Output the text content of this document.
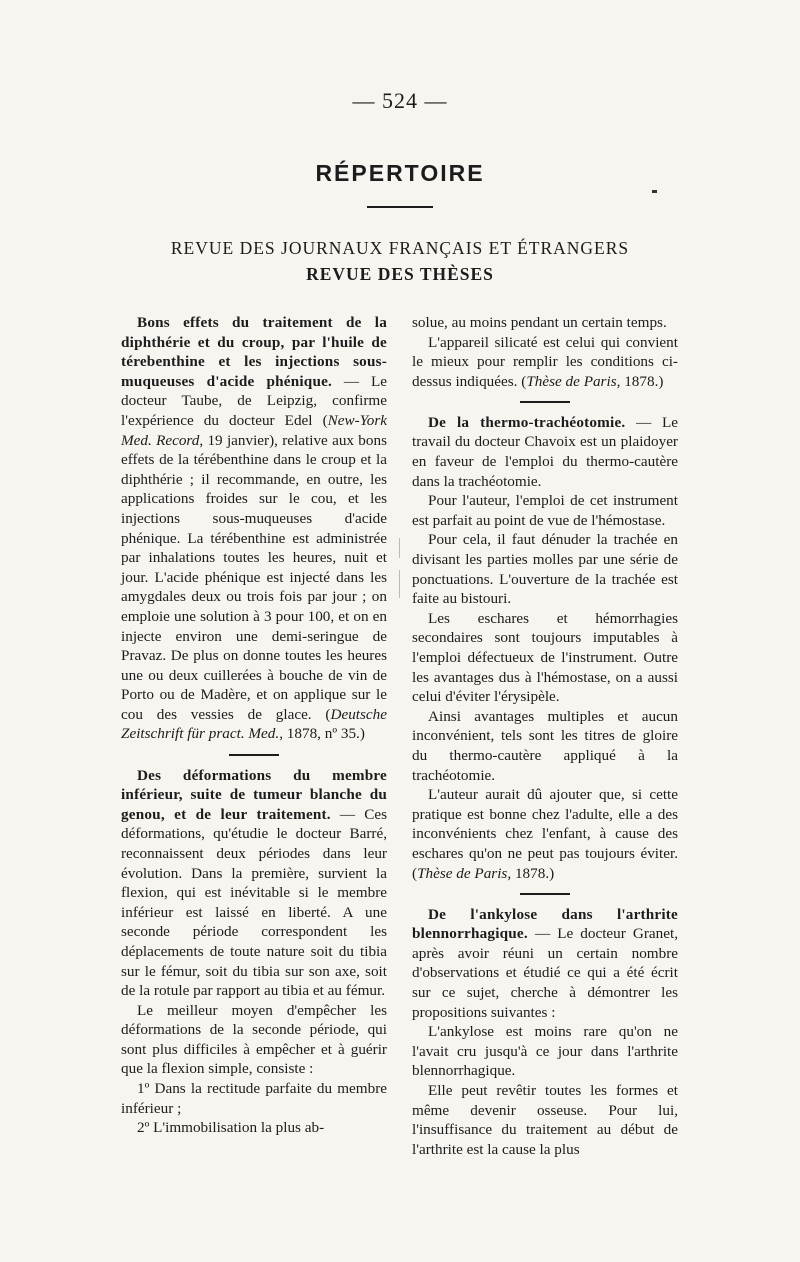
— 524 —
RÉPERTOIRE
REVUE DES JOURNAUX FRANÇAIS ET ÉTRANGERS
REVUE DES THÈSES

Bons effets du traitement de la diphthérie et du croup, par l'huile de térebenthine et les injections sous-muqueuses d'acide phénique. — Le docteur Taube, de Leipzig, confirme l'expérience du docteur Edel (New-York Med. Record, 19 janvier), relative aux bons effets de la térébenthine dans le croup et la diphthérie ; il recommande, en outre, les applications froides sur le cou, et les injections sous-muqueuses d'acide phénique. La térébenthine est administrée par inhalations toutes les heures, nuit et jour. L'acide phénique est injecté dans les amygdales deux ou trois fois par jour ; on emploie une solution à 3 pour 100, et on en injecte environ une demi-seringue de Pravaz. De plus on donne toutes les heures une ou deux cuillerées à bouche de vin de Porto ou de Madère, et on applique sur le cou des vessies de glace. (Deutsche Zeitschrift für pract. Med., 1878, nº 35.)

Des déformations du membre inférieur, suite de tumeur blanche du genou, et de leur traitement. — Ces déformations, qu'étudie le docteur Barré, reconnaissent deux périodes dans leur évolution. Dans la première, survient la flexion, qui est inévitable si le membre inférieur est laissé en liberté. A une seconde période correspondent les déplacements de toute nature soit du tibia sur le fémur, soit du tibia sur son axe, soit de la rotule par rapport au tibia et au fémur.

Le meilleur moyen d'empêcher les déformations de la seconde période, qui sont plus difficiles à empêcher et à guérir que la flexion simple, consiste :

1º Dans la rectitude parfaite du membre inférieur ;

2º L'immobilisation la plus ab-

solue, au moins pendant un certain temps.

L'appareil silicaté est celui qui convient le mieux pour remplir les conditions ci-dessus indiquées. (Thèse de Paris, 1878.)

De la thermo-trachéotomie. — Le travail du docteur Chavoix est un plaidoyer en faveur de l'emploi du thermo-cautère dans la trachéotomie.

Pour l'auteur, l'emploi de cet instrument est parfait au point de vue de l'hémostase.

Pour cela, il faut dénuder la trachée en divisant les parties molles par une série de ponctuations. L'ouverture de la trachée est faite au bistouri.

Les eschares et hémorrhagies secondaires sont toujours imputables à l'emploi défectueux de l'instrument. Outre les avantages dus à l'hémostase, on a aussi celui d'éviter l'érysipèle.

Ainsi avantages multiples et aucun inconvénient, tels sont les titres de gloire du thermo-cautère appliqué à la trachéotomie.

L'auteur aurait dû ajouter que, si cette pratique est bonne chez l'adulte, elle a des inconvénients chez l'enfant, à cause des eschares qu'on ne peut pas toujours éviter. (Thèse de Paris, 1878.)

De l'ankylose dans l'arthrite blennorrhagique. — Le docteur Granet, après avoir réuni un certain nombre d'observations et étudié ce qui a été écrit sur ce sujet, cherche à démontrer les propositions suivantes :

L'ankylose est moins rare qu'on ne l'avait cru jusqu'à ce jour dans l'arthrite blennorrhagique.

Elle peut revêtir toutes les formes et même devenir osseuse. Pour lui, l'insuffisance du traitement au début de l'arthrite est la cause la plus
